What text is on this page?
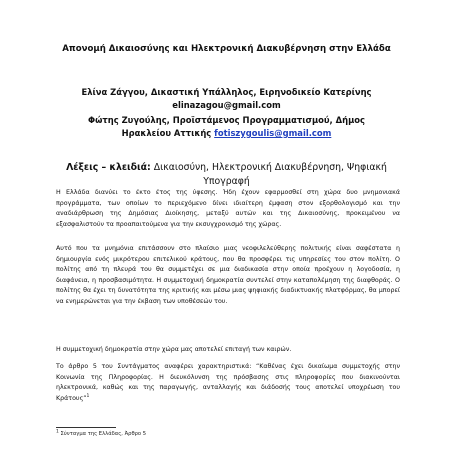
Απονομή Δικαιοσύνης και Ηλεκτρονική Διακυβέρνηση στην Ελλάδα
Ελίνα Ζάγγου, Δικαστική Υπάλληλος, Ειρηνοδικείο Κατερίνης
elinazagou@gmail.com
Φώτης Ζυγούλης, Προϊστάμενος Προγραμματισμού, Δήμος
Ηρακλείου Αττικής fotiszygoulis@gmail.com
Λέξεις – κλειδιά: Δικαιοσύνη, Ηλεκτρονική Διακυβέρνηση, Ψηφιακή Υπογραφή
Η Ελλάδα διανύει το έκτο έτος της ύφεσης. Ήδη έχουν εφαρμοσθεί στη χώρα δυο μνημονιακά προγράμματα, των οποίων το περιεχόμενο δίνει ιδιαίτερη έμφαση στον εξορθολογισμό και την αναδιάρθρωση της Δημόσιας Διοίκησης, μεταξύ αυτών και της Δικαιοσύνης, προκειμένου να εξασφαλιστούν τα προαπαιτούμενα για την εκσυγχρονισμό της χώρας.
Αυτό που τα μνημόνια επιτάσσουν στο πλαίσιο μιας νεοφιλελεύθερης πολιτικής είναι σαφέστατα η δημιουργία ενός μικρότερου επιτελικού κράτους, που θα προσφέρει τις υπηρεσίες του στον πολίτη. Ο πολίτης από τη πλευρά του θα συμμετέχει σε μια διαδικασία στην οποία προέχουν η λογοδοσία, η διαφάνεια, η προσβασιμότητα. Η συμμετοχική δημοκρατία συντελεί στην καταπολέμηση της διαφθοράς. Ο πολίτης θα έχει τη δυνατότητα της κριτικής και μέσω μιας ψηφιακής διαδικτυακής πλατφόρμας, θα μπορεί να ενημερώνεται για την έκβαση των υποθέσεών του.
Η συμμετοχική δημοκρατία στην χώρα μας αποτελεί επιταγή των καιρών.
Το άρθρο 5 του Συντάγματος αναφέρει χαρακτηριστικά: “Καθένας έχει δικαίωμα συμμετοχής στην Κοινωνία της Πληροφορίας. Η διευκόλυνση της πρόσβασης στις πληροφορίες που διακινούνται ηλεκτρονικά, καθώς και της παραγωγής, ανταλλαγής και διάδοσής τους αποτελεί υποχρέωση του Κράτους”$^1$
$^1$ Σύνταγμα της Ελλάδας, Άρθρο 5
